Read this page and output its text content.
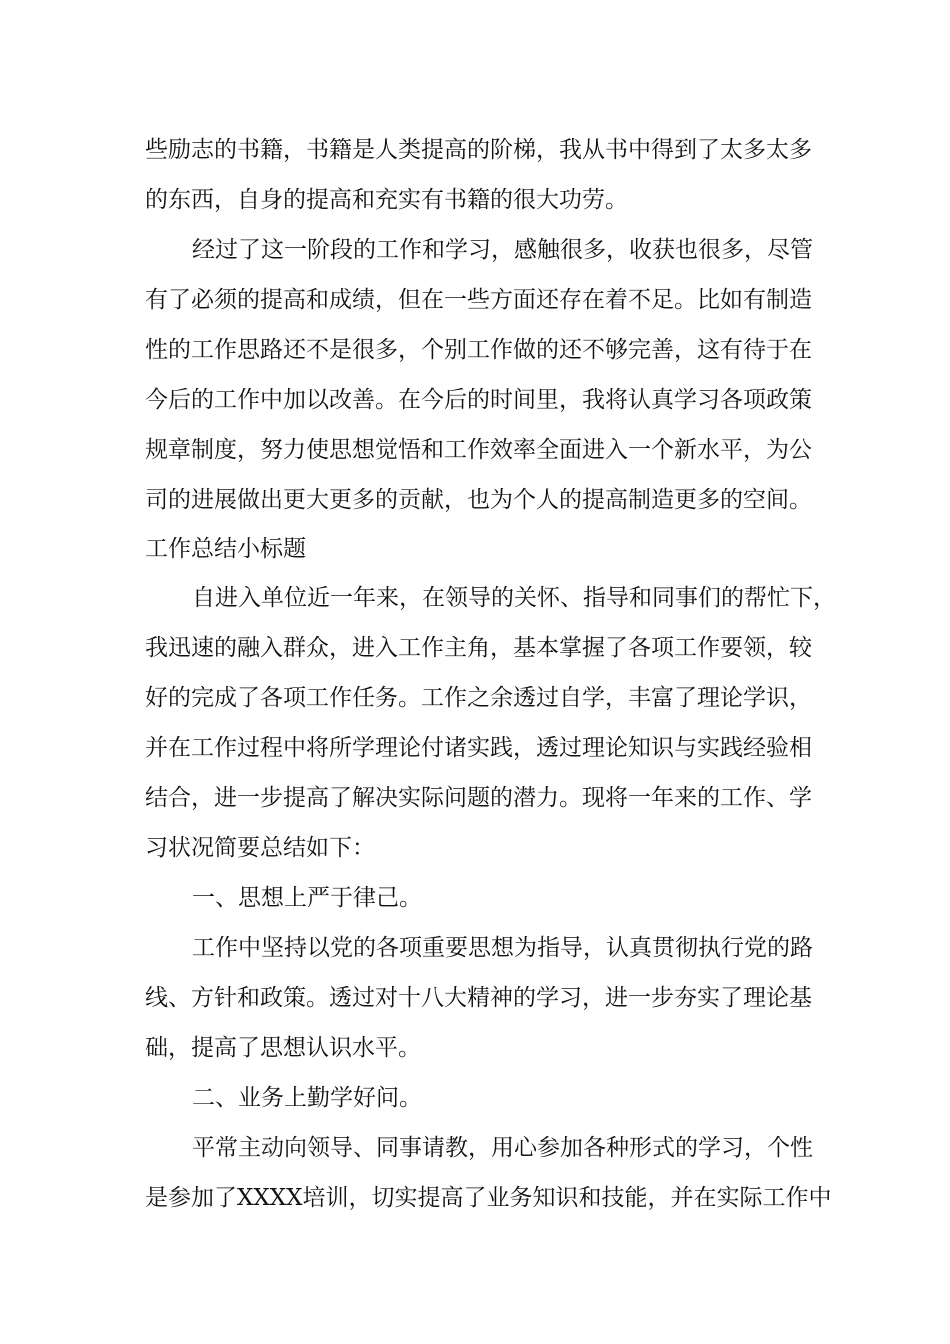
些励志的书籍，书籍是人类提高的阶梯，我从书中得到了太多太多
的东西，自身的提高和充实有书籍的很大功劳。
经过了这一阶段的工作和学习，感触很多，收获也很多，尽管
有了必须的提高和成绩，但在一些方面还存在着不足。比如有制造
性的工作思路还不是很多，个别工作做的还不够完善，这有待于在
今后的工作中加以改善。在今后的时间里，我将认真学习各项政策
规章制度，努力使思想觉悟和工作效率全面进入一个新水平，为公
司的进展做出更大更多的贡献，也为个人的提高制造更多的空间。
工作总结小标题
自进入单位近一年来，在领导的关怀、指导和同事们的帮忙下，
我迅速的融入群众，进入工作主角，基本掌握了各项工作要领，较
好的完成了各项工作任务。工作之余透过自学，丰富了理论学识，
并在工作过程中将所学理论付诸实践，透过理论知识与实践经验相
结合，进一步提高了解决实际问题的潜力。现将一年来的工作、学
习状况简要总结如下：
一、思想上严于律己。
工作中坚持以党的各项重要思想为指导，认真贯彻执行党的路
线、方针和政策。透过对十八大精神的学习，进一步夯实了理论基
础，提高了思想认识水平。
二、业务上勤学好问。
平常主动向领导、同事请教，用心参加各种形式的学习，个性
是参加了XXXX培训，切实提高了业务知识和技能，并在实际工作中
